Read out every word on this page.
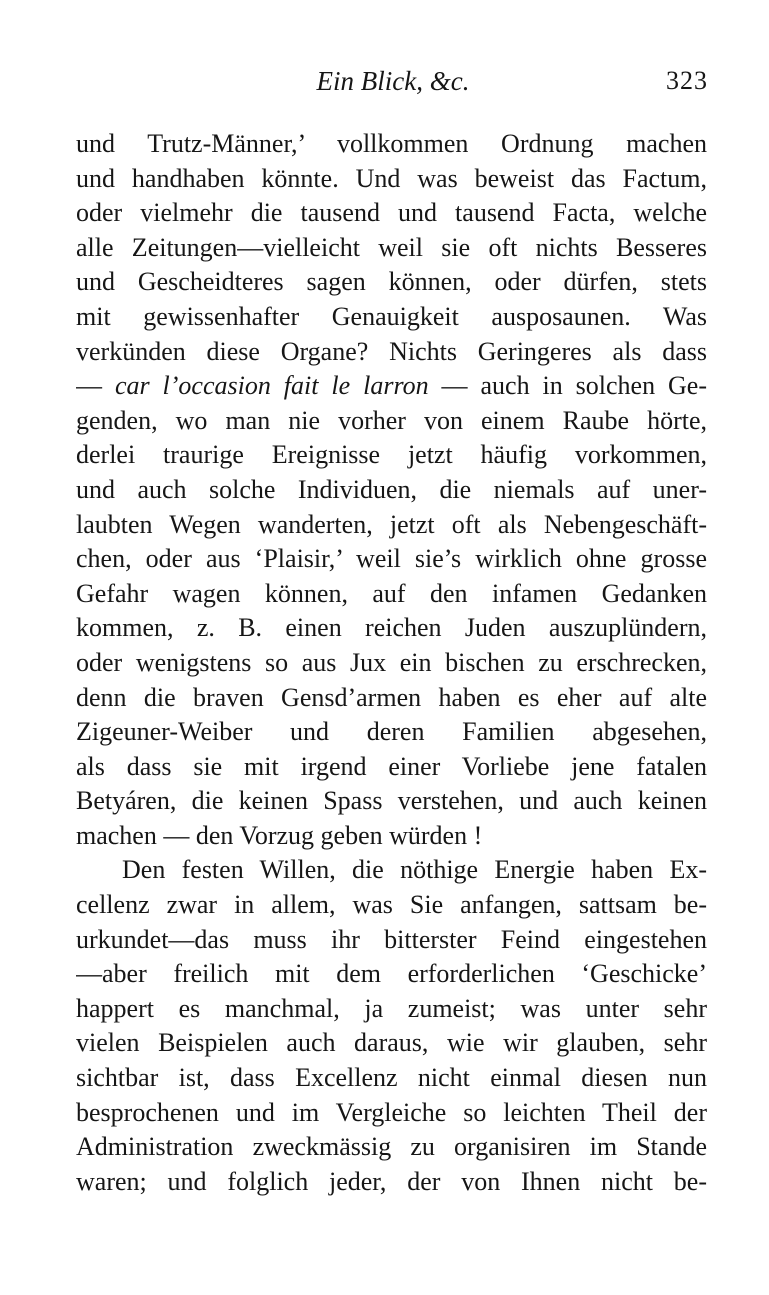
Ein Blick, &c.	323
und Trutz-Männer,’ vollkommen Ordnung machen
und handhaben könnte. Und was beweist das Factum,
oder vielmehr die tausend und tausend Facta, welche
alle Zeitungen—vielleicht weil sie oft nichts Besseres
und Gescheidteres sagen können, oder dürfen, stets
mit gewissenhafter Genauigkeit ausposaunen. Was
verkünden diese Organe? Nichts Geringeres als dass
— car l’occasion fait le larron — auch in solchen Ge-
genden, wo man nie vorher von einem Raube hörte,
derlei traurige Ereignisse jetzt häufig vorkommen,
und auch solche Individuen, die niemals auf uner-
laubten Wegen wanderten, jetzt oft als Nebengeschäft-
chen, oder aus ‘Plaisir,’ weil sie’s wirklich ohne grosse
Gefahr wagen können, auf den infamen Gedanken
kommen, z. B. einen reichen Juden auszuplündern,
oder wenigstens so aus Jux ein bischen zu erschrecken,
denn die braven Gensd’armen haben es eher auf alte
Zigeuner-Weiber und deren Familien abgesehen,
als dass sie mit irgend einer Vorliebe jene fatalen
Betyáren, die keinen Spass verstehen, und auch keinen
machen — den Vorzug geben würden !
Den festen Willen, die nöthige Energie haben Ex-
cellenz zwar in allem, was Sie anfangen, sattsam be-
urkundet—das muss ihr bitterster Feind eingestehen
—aber freilich mit dem erforderlichen ‘Geschicke’
happert es manchmal, ja zumeist; was unter sehr
vielen Beispielen auch daraus, wie wir glauben, sehr
sichtbar ist, dass Excellenz nicht einmal diesen nun
besprochenen und im Vergleiche so leichten Theil der
Administration zweckmässig zu organisiren im Stande
waren; und folglich jeder, der von Ihnen nicht be-
